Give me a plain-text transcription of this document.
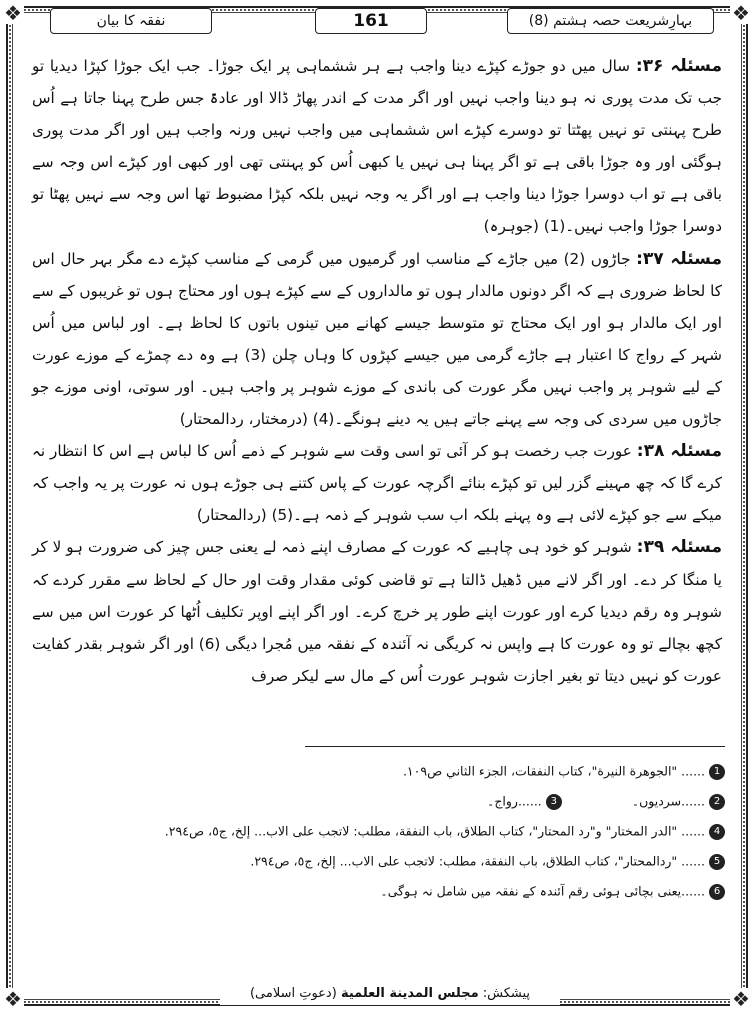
❖	❖
❖	❖
بہارِشریعت حصہ ہشتم (8)
161
نفقہ کا بیان

مسئلہ ۳۶: سال میں دو جوڑے کپڑے دینا واجب ہے ہر ششماہی پر ایک جوڑا۔ جب ایک جوڑا کپڑا دیدیا تو جب تک مدت پوری نہ ہو دینا واجب نہیں اور اگر مدت کے اندر پھاڑ ڈالا اور عادۃً جس طرح پہنا جاتا ہے اُس طرح پہنتی تو نہیں پھٹتا تو دوسرے کپڑے اس ششماہی میں واجب نہیں ورنہ واجب ہیں اور اگر مدت پوری ہوگئی اور وہ جوڑا باقی ہے تو اگر پہنا ہی نہیں یا کبھی اُس کو پہنتی تھی اور کبھی اور کپڑے اس وجہ سے باقی ہے تو اب دوسرا جوڑا دینا واجب ہے اور اگر یہ وجہ نہیں بلکہ کپڑا مضبوط تھا اس وجہ سے نہیں پھٹا تو دوسرا جوڑا واجب نہیں۔(1) (جوہرہ)

مسئلہ ۳۷: جاڑوں (2) میں جاڑے کے مناسب اور گرمیوں میں گرمی کے مناسب کپڑے دے مگر بہر حال اس کا لحاظ ضروری ہے کہ اگر دونوں مالدار ہوں تو مالداروں کے سے کپڑے ہوں اور محتاج ہوں تو غریبوں کے سے اور ایک مالدار ہو اور ایک محتاج تو متوسط جیسے کھانے میں تینوں باتوں کا لحاظ ہے۔ اور لباس میں اُس شہر کے رواج کا اعتبار ہے جاڑے گرمی میں جیسے کپڑوں کا وہاں چلن (3) ہے وہ دے چمڑے کے موزے عورت کے لیے شوہر پر واجب نہیں مگر عورت کی باندی کے موزے شوہر پر واجب ہیں۔ اور سوتی، اونی موزے جو جاڑوں میں سردی کی وجہ سے پہنے جاتے ہیں یہ دینے ہونگے۔(4) (درمختار، ردالمحتار)

مسئلہ ۳۸: عورت جب رخصت ہو کر آئی تو اسی وقت سے شوہر کے ذمے اُس کا لباس ہے اس کا انتظار نہ کرے گا کہ چھ مہینے گزر لیں تو کپڑے بنائے اگرچہ عورت کے پاس کتنے ہی جوڑے ہوں نہ عورت پر یہ واجب کہ میکے سے جو کپڑے لائی ہے وہ پہنے بلکہ اب سب شوہر کے ذمہ ہے۔(5) (ردالمحتار)

مسئلہ ۳۹: شوہر کو خود ہی چاہیے کہ عورت کے مصارف اپنے ذمہ لے یعنی جس چیز کی ضرورت ہو لا کر یا منگا کر دے۔ اور اگر لانے میں ڈھیل ڈالتا ہے تو قاضی کوئی مقدار وقت اور حال کے لحاظ سے مقرر کردے کہ شوہر وہ رقم دیدیا کرے اور عورت اپنے طور پر خرچ کرے۔ اور اگر اپنے اوپر تکلیف اُٹھا کر عورت اس میں سے کچھ بچالے تو وہ عورت کا ہے واپس نہ کریگی نہ آئندہ کے نفقہ میں مُجرا دیگی (6) اور اگر شوہر بقدر کفایت عورت کو نہیں دیتا تو بغیر اجازت شوہر عورت اُس کے مال سے لیکر صرف

1...... "الجوهرة النيرة"، كتاب النفقات، الجزء الثاني ص١٠٩.
2......سردیوں۔3......رواج۔
4...... "الدر المختار" و"رد المحتار"، كتاب الطلاق، باب النفقة، مطلب: لاتجب على الاب... إلخ، ج٥، ص٢٩٤.
5...... "ردالمحتار"، كتاب الطلاق، باب النفقة، مطلب: لاتجب على الاب... إلخ، ج٥، ص٢٩٤.
6......یعنی بچائی ہوئی رقم آئندہ کے نفقہ میں شامل نہ ہوگی۔
پیشکش: مجلس المدينة العلمية (دعوتِ اسلامی)
